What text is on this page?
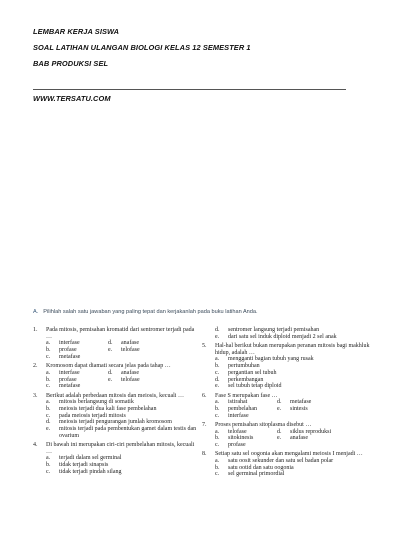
LEMBAR KERJA SISWA
SOAL LATIHAN ULANGAN BIOLOGI KELAS 12 SEMESTER 1
BAB PRODUKSI SEL
WWW.TERSATU.COM
A. Pilihlah salah satu jawaban yang paling tepat dan kerjakanlah pada buku latihan Anda.
1.	Pada mitosis, pemisahan kromatid dari sentromer terjadi pada …
a.	interfase	d.	anafase
b.	profase	e.	telofase
c.	metafase
2.	Kromosom dapat diamati secara jelas pada tahap …
a.	interfase	d.	anafase
b.	profase	e.	telofase
c.	metafase
3.	Berikut adalah perbedaan mitosis dan meiosis, kecuali …
a.	mitosis berlangsung di somatik
b.	meiosis terjadi dua kali fase pembelahan
c.	pada meiosis terjadi mitosis
d.	meiosis terjadi pengurangan jumlah kromosom
e.	mitosis terjadi pada pembentukan gamet dalam testis dan ovarium
4.	Di bawah ini merupakan ciri-ciri pembelahan mitosis, kecuali …
a.	terjadi dalam sel germinal
b.	tidak terjadi sinapsis
c.	tidak terjadi pindah silang
d.	sentromer langsung terjadi pemisahan
e.	dari satu sel induk diploid menjadi 2 sel anak
5.	Hal-hal berikut bukan merupakan peranan mitosis bagi makhluk hidup, adalah …
a.	mengganti bagian tubuh yang rusak
b.	pertumbuhan
c.	pergantian sel tubuh
d.	perkembangan
e.	sel tubuh tetap diploid
6.	Fase S merupakan fase …
a.	istirahat	d.	metafase
b.	pembelahan	e.	sintesis
c.	interfase
7.	Proses pemisahan sitoplasma disebut …
a.	telofase	d.	siklus reproduksi
b.	sitokinesis	e.	anafase
c.	profase
8.	Setiap satu sel oogonia akan mengalami meiosis I menjadi …
a.	satu oosit sekunder dan satu sel badan polar
b.	satu ootid dan satu oogonia
c.	sel germinal primordial
